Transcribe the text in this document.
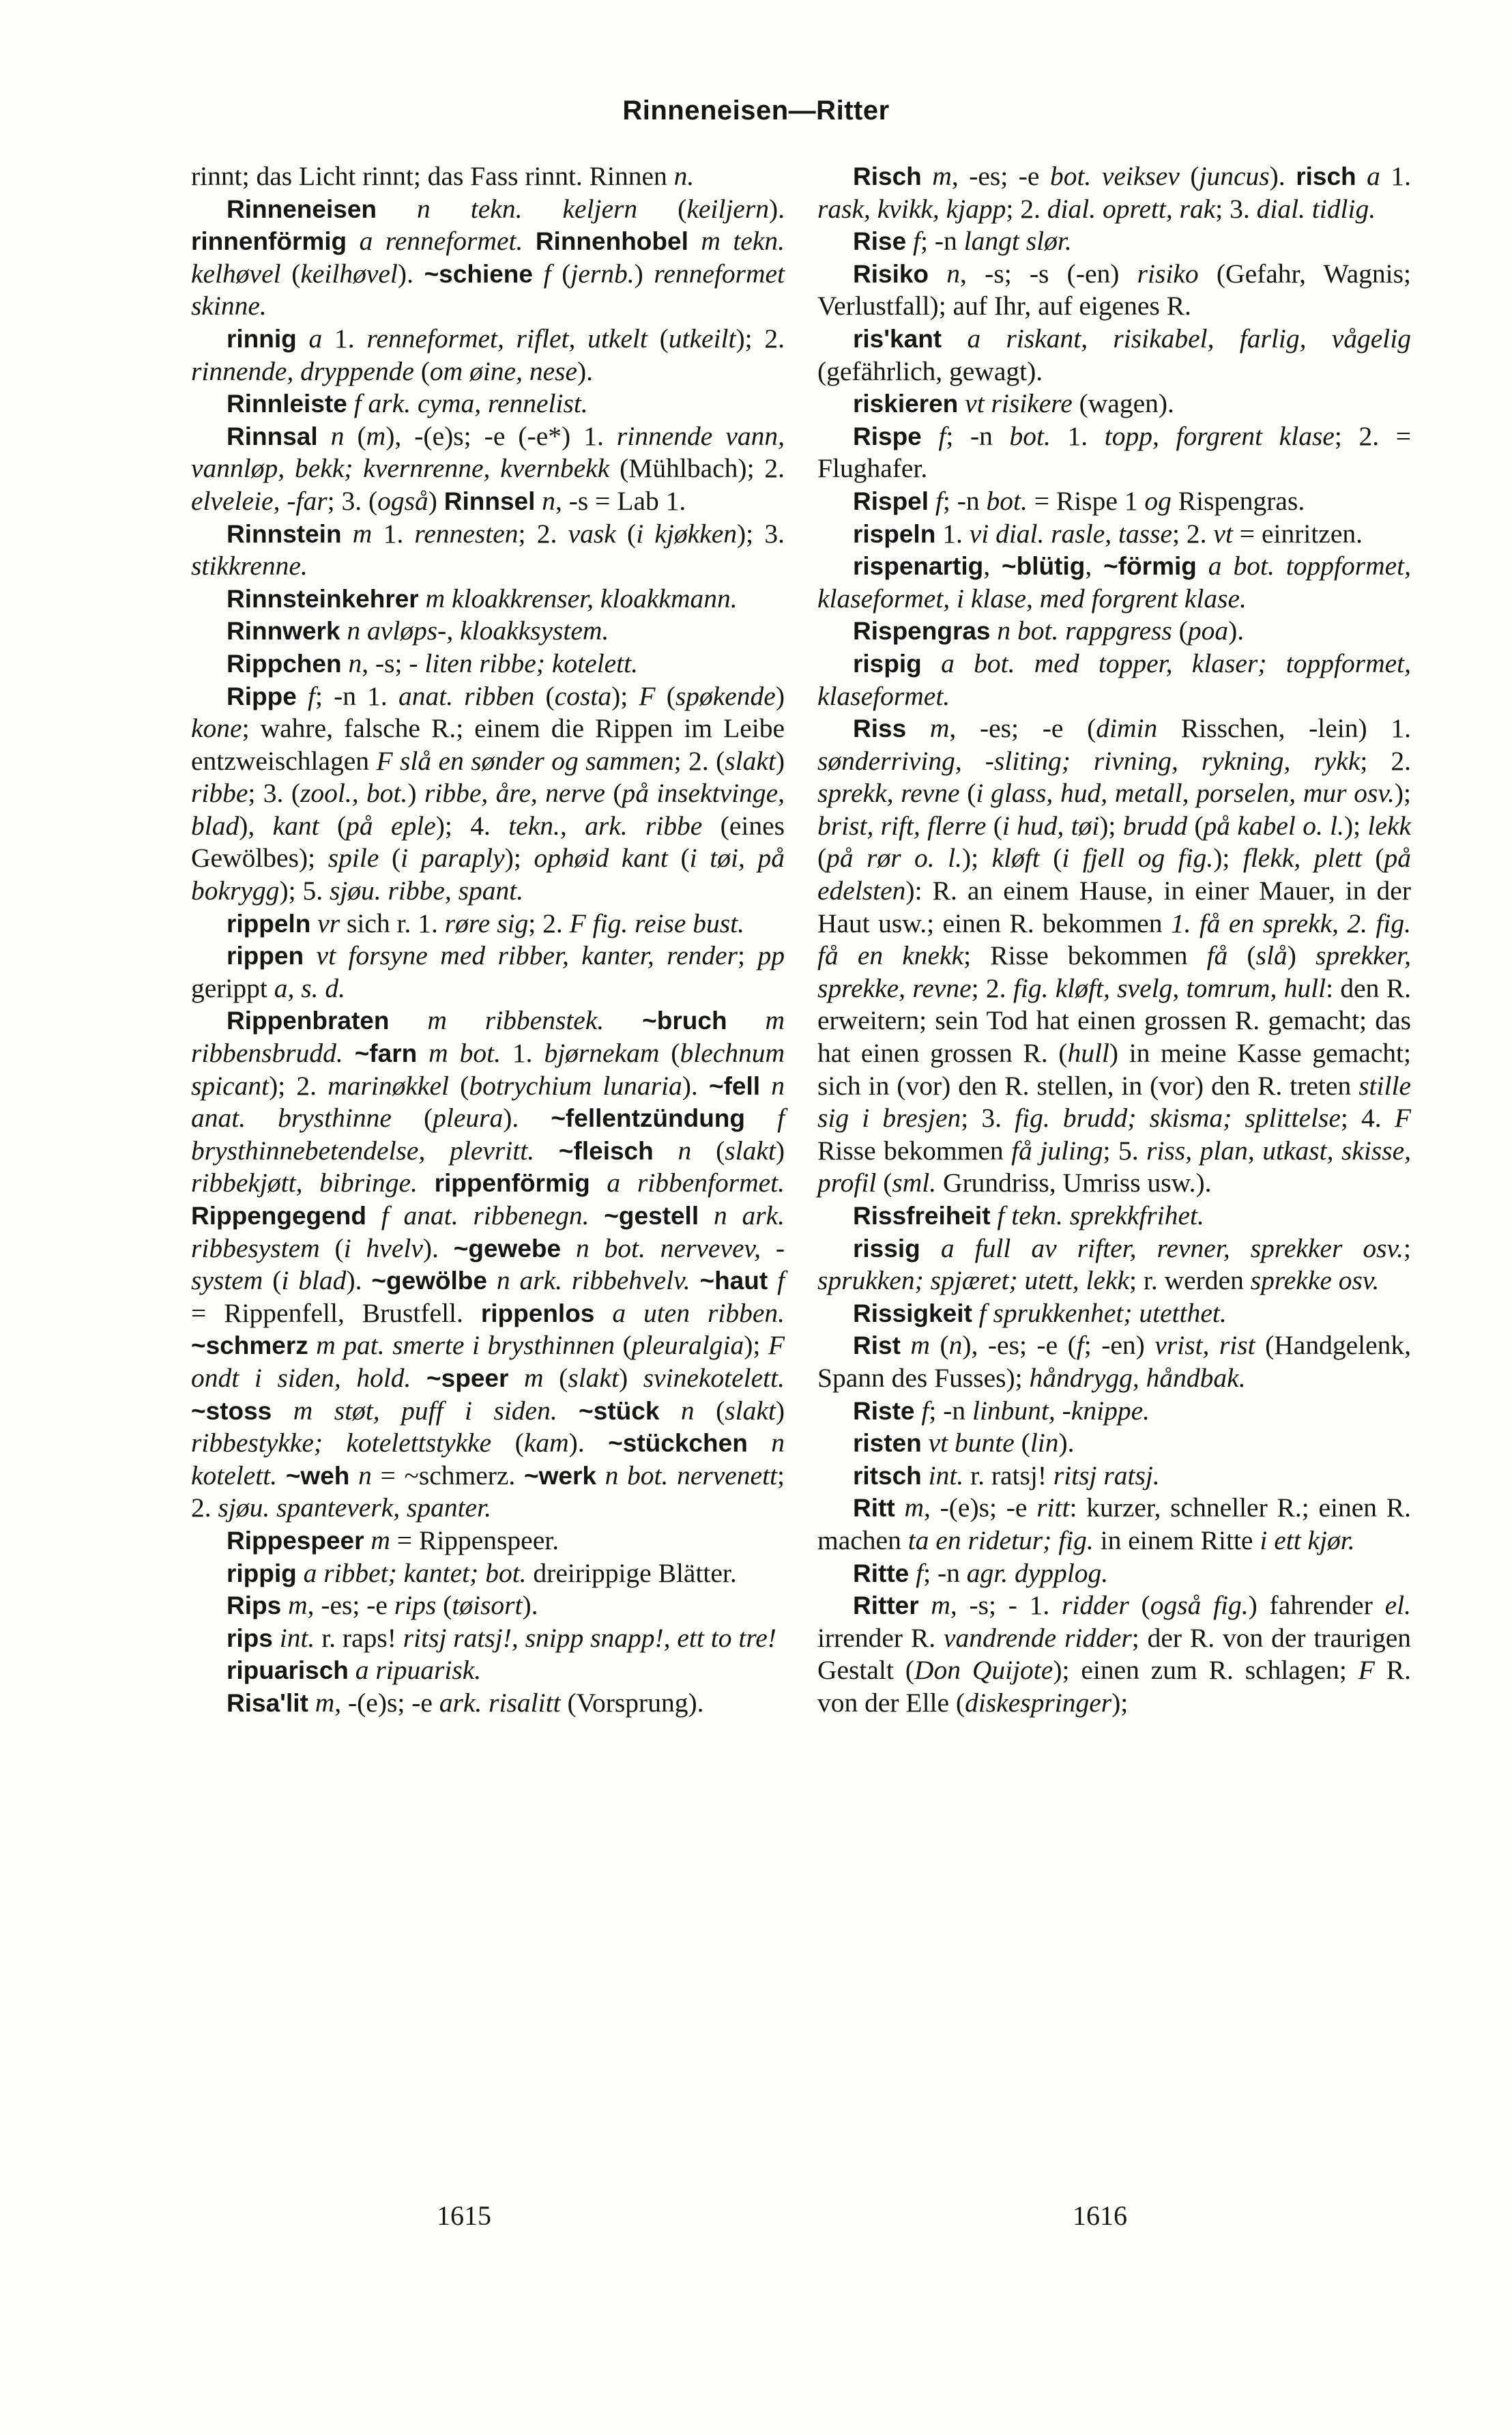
Rinneneisen—Ritter

rinnt; das Licht rinnt; das Fass rinnt. Rinnen n.

Rinneneisen n tekn. keljern (keiljern). rinnenförmig a renneformet. Rinnenhobel m tekn. kelhøvel (keilhøvel). ~schiene f (jernb.) renneformet skinne.

rinnig a 1. renneformet, riflet, utkelt (utkeilt); 2. rinnende, dryppende (om øine, nese).

Rinnleiste f ark. cyma, rennelist.

Rinnsal n (m), -(e)s; -e (-e*) 1. rinnende vann, vannløp, bekk; kvernrenne, kvernbekk (Mühlbach); 2. elveleie, -far; 3. (også) Rinnsel n, -s = Lab 1.

Rinnstein m 1. rennesten; 2. vask (i kjøkken); 3. stikkrenne.

Rinnsteinkehrer m kloakkrenser, kloakkmann.

Rinnwerk n avløps-, kloakksystem.

Rippchen n, -s; - liten ribbe; kotelett.

Rippe f; -n 1. anat. ribben (costa); F (spøkende) kone; wahre, falsche R.; einem die Rippen im Leibe entzweischlagen F slå en sønder og sammen; 2. (slakt) ribbe; 3. (zool., bot.) ribbe, åre, nerve (på insektvinge, blad), kant (på eple); 4. tekn., ark. ribbe (eines Gewölbes); spile (i paraply); ophøid kant (i tøi, på bokrygg); 5. sjøu. ribbe, spant.

rippeln vr sich r. 1. røre sig; 2. F fig. reise bust.

rippen vt forsyne med ribber, kanter, render; pp gerippt a, s. d.

Rippenbraten m ribbenstek. ~bruch m ribbensbrudd. ~farn m bot. 1. bjørnekam (blechnum spicant); 2. marinøkkel (botrychium lunaria). ~fell n anat. brysthinne (pleura). ~fellentzündung f brysthinnebetendelse, plevritt. ~fleisch n (slakt) ribbekjøtt, bibringe. rippenförmig a ribbenformet. Rippengegend f anat. ribbenegn. ~gestell n ark. ribbesystem (i hvelv). ~gewebe n bot. nervevev, -system (i blad). ~gewölbe n ark. ribbehvelv. ~haut f = Rippenfell, Brustfell. rippenlos a uten ribben. ~schmerz m pat. smerte i brysthinnen (pleuralgia); F ondt i siden, hold. ~speer m (slakt) svinekotelett. ~stoss m støt, puff i siden. ~stück n (slakt) ribbestykke; kotelettstykke (kam). ~stückchen n kotelett. ~weh n = ~schmerz. ~werk n bot. nervenett; 2. sjøu. spanteverk, spanter.

Rippespeer m = Rippenspeer.

rippig a ribbet; kantet; bot. dreirippige Blätter.

Rips m, -es; -e rips (tøisort).

rips int. r. raps! ritsj ratsj!, snipp snapp!, ett to tre!

ripuarisch a ripuarisk.

Risa'lit m, -(e)s; -e ark. risalitt (Vorsprung).

Risch m, -es; -e bot. veiksev (juncus). risch a 1. rask, kvikk, kjapp; 2. dial. oprett, rak; 3. dial. tidlig.

Rise f; -n langt slør.

Risiko n, -s; -s (-en) risiko (Gefahr, Wagnis; Verlustfall); auf Ihr, auf eigenes R.

ris'kant a riskant, risikabel, farlig, vågelig (gefährlich, gewagt).

riskieren vt risikere (wagen).

Rispe f; -n bot. 1. topp, forgrent klase; 2. = Flughafer.

Rispel f; -n bot. = Rispe 1 og Rispengras.

rispeln 1. vi dial. rasle, tasse; 2. vt = einritzen.

rispenartig, ~blütig, ~förmig a bot. toppformet, klaseformet, i klase, med forgrent klase.

Rispengras n bot. rappgress (poa).

rispig a bot. med topper, klaser; toppformet, klaseformet.

Riss m, -es; -e (dimin Risschen, -lein) 1. sønderriving, -sliting; rivning, rykning, rykk; 2. sprekk, revne (i glass, hud, metall, porselen, mur osv.); brist, rift, flerre (i hud, tøi); brudd (på kabel o. l.); lekk (på rør o. l.); kløft (i fjell og fig.); flekk, plett (på edelsten): R. an einem Hause, in einer Mauer, in der Haut usw.; einen R. bekommen 1. få en sprekk, 2. fig. få en knekk; Risse bekommen få (slå) sprekker, sprekke, revne; 2. fig. kløft, svelg, tomrum, hull: den R. erweitern; sein Tod hat einen grossen R. gemacht; das hat einen grossen R. (hull) in meine Kasse gemacht; sich in (vor) den R. stellen, in (vor) den R. treten stille sig i bresjen; 3. fig. brudd; skisma; splittelse; 4. F Risse bekommen få juling; 5. riss, plan, utkast, skisse, profil (sml. Grundriss, Umriss usw.).

Rissfreiheit f tekn. sprekkfrihet.

rissig a full av rifter, revner, sprekker osv.; sprukken; spjæret; utett, lekk; r. werden sprekke osv.

Rissigkeit f sprukkenhet; utetthet.

Rist m (n), -es; -e (f; -en) vrist, rist (Handgelenk, Spann des Fusses); håndrygg, håndbak.

Riste f; -n linbunt, -knippe.

risten vt bunte (lin).

ritsch int. r. ratsj! ritsj ratsj.

Ritt m, -(e)s; -e ritt: kurzer, schneller R.; einen R. machen ta en ridetur; fig. in einem Ritte i ett kjør.

Ritte f; -n agr. dypplog.

Ritter m, -s; - 1. ridder (også fig.) fahrender el. irrender R. vandrende ridder; der R. von der traurigen Gestalt (Don Quijote); einen zum R. schlagen; F R. von der Elle (diskespringer);

1615	1616
